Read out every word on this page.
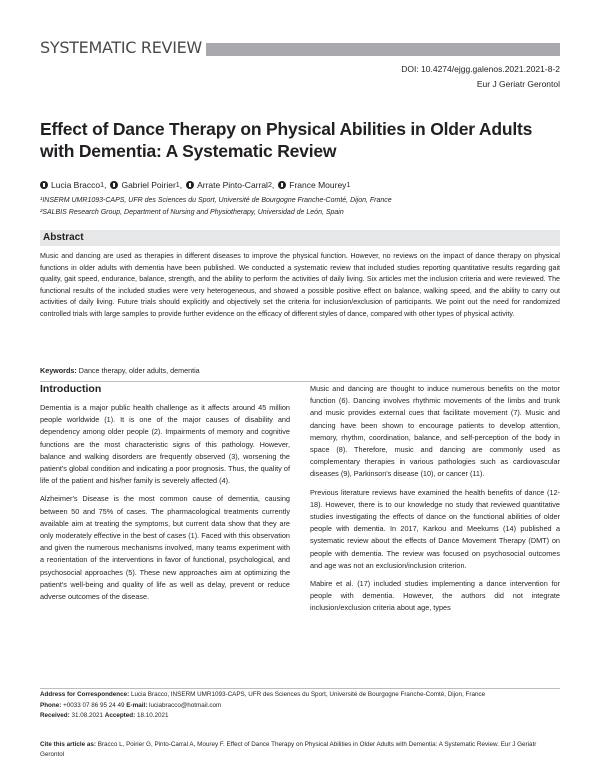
SYSTEMATIC REVIEW
DOI: 10.4274/ejgg.galenos.2021.2021-8-2
Eur J Geriatr Gerontol
Effect of Dance Therapy on Physical Abilities in Older Adults with Dementia: A Systematic Review
Lucia Bracco 1 , Gabriel Poirier 1 , Arrate Pinto-Carral 2 , France Mourey 1
¹INSERM UMR1093-CAPS, UFR des Sciences du Sport, Université de Bourgogne Franche-Comté, Dijon, France
²SALBIS Research Group, Department of Nursing and Physiotherapy, Universidad de León, Spain
Abstract
Music and dancing are used as therapies in different diseases to improve the physical function. However, no reviews on the impact of dance therapy on physical functions in older adults with dementia have been published. We conducted a systematic review that included studies reporting quantitative results regarding gait quality, gait speed, endurance, balance, strength, and the ability to perform the activities of daily living. Six articles met the inclusion criteria and were reviewed. The functional results of the included studies were very heterogeneous, and showed a possible positive effect on balance, walking speed, and the ability to carry out activities of daily living. Future trials should explicitly and objectively set the criteria for inclusion/exclusion of participants. We point out the need for randomized controlled trials with large samples to provide further evidence on the efficacy of different styles of dance, compared with other types of physical activity.
Keywords: Dance therapy, older adults, dementia
Introduction

Dementia is a major public health challenge as it affects around 45 million people worldwide (1). It is one of the major causes of disability and dependency among older people (2). Impairments of memory and cognitive functions are the most characteristic signs of this pathology. However, balance and walking disorders are frequently observed (3), worsening the patient's global condition and indicating a poor prognosis. Thus, the quality of life of the patient and his/her family is severely affected (4).

Alzheimer's Disease is the most common cause of dementia, causing between 50 and 75% of cases. The pharmacological treatments currently available aim at treating the symptoms, but current data show that they are only moderately effective in the best of cases (1). Faced with this observation and given the numerous mechanisms involved, many teams experiment with a reorientation of the interventions in favor of functional, psychological, and psychosocial approaches (5). These new approaches aim at optimizing the patient's well-being and quality of life as well as delay, prevent or reduce adverse outcomes of the disease.

Music and dancing are thought to induce numerous benefits on the motor function (6). Dancing involves rhythmic movements of the limbs and trunk and music provides external cues that facilitate movement (7). Music and dancing have been shown to encourage patients to develop attention, memory, rhythm, coordination, balance, and self-perception of the body in space (8). Therefore, music and dancing are commonly used as complementary therapies in various pathologies such as cardiovascular diseases (9), Parkinson's disease (10), or cancer (11).

Previous literature reviews have examined the health benefits of dance (12-18). However, there is to our knowledge no study that reviewed quantitative studies investigating the effects of dance on the functional abilities of older people with dementia. In 2017, Karkou and Meekums (14) published a systematic review about the effects of Dance Movement Therapy (DMT) on people with dementia. The review was focused on psychosocial outcomes and age was not an exclusion/inclusion criterion.

Mabire et al. (17) included studies implementing a dance intervention for people with dementia. However, the authors did not integrate inclusion/exclusion criteria about age, types

Address for Correspondence: Lucia Bracco, INSERM UMR1093-CAPS, UFR des Sciences du Sport, Université de Bourgogne Franche-Comté, Dijon, France
Phone: +0033 07 86 95 24 49 E-mail: luciabracco@hotmail.com
Received: 31.08.2021 Accepted: 18.10.2021
Cite this article as: Bracco L, Poirier G, Pinto-Carral A, Mourey F. Effect of Dance Therapy on Physical Abilities in Older Adults with Dementia: A Systematic Review. Eur J Geriatr Gerontol
